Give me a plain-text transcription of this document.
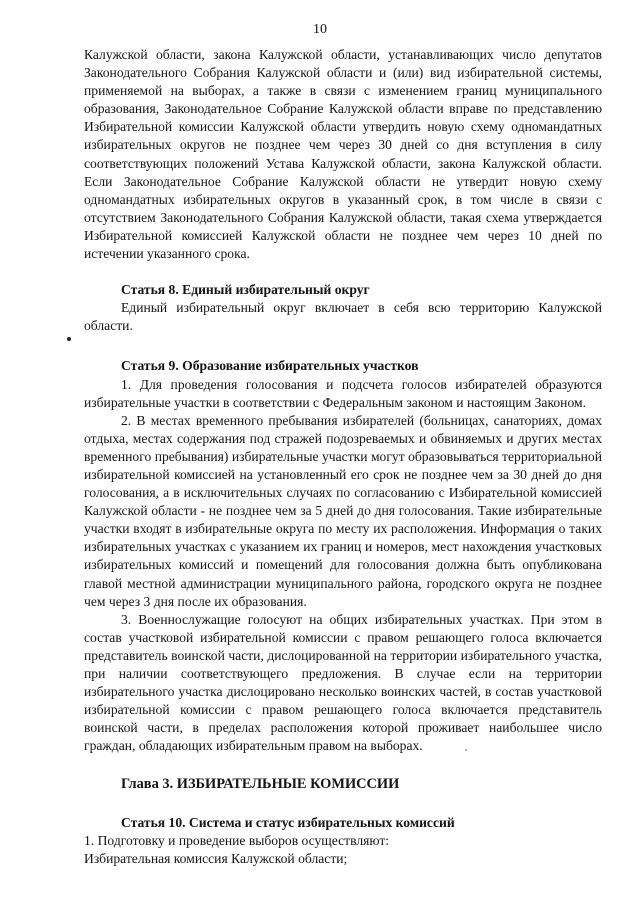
10

Калужской области, закона Калужской области, устанавливающих число депутатов Законодательного Собрания Калужской области и (или) вид избирательной системы, применяемой на выборах, а также в связи с изменением границ муниципального образования, Законодательное Собрание Калужской области вправе по представлению Избирательной комиссии Калужской области утвердить новую схему одномандатных избирательных округов не позднее чем через 30 дней со дня вступления в силу соответствующих положений Устава Калужской области, закона Калужской области. Если Законодательное Собрание Калужской области не утвердит новую схему одномандатных избирательных округов в указанный срок, в том числе в связи с отсутствием Законодательного Собрания Калужской области, такая схема утверждается Избирательной комиссией Калужской области не позднее чем через 10 дней по истечении указанного срока.

Статья 8. Единый избирательный округ

Единый избирательный округ включает в себя всю территорию Калужской области.

Статья 9. Образование избирательных участков

1. Для проведения голосования и подсчета голосов избирателей образуются избирательные участки в соответствии с Федеральным законом и настоящим Законом.

2. В местах временного пребывания избирателей (больницах, санаториях, домах отдыха, местах содержания под стражей подозреваемых и обвиняемых и других местах временного пребывания) избирательные участки могут образовываться территориальной избирательной комиссией на установленный его срок не позднее чем за 30 дней до дня голосования, а в исключительных случаях по согласованию с Избирательной комиссией Калужской области - не позднее чем за 5 дней до дня голосования. Такие избирательные участки входят в избирательные округа по месту их расположения. Информация о таких избирательных участках с указанием их границ и номеров, мест нахождения участковых избирательных комиссий и помещений для голосования должна быть опубликована главой местной администрации муниципального района, городского округа не позднее чем через 3 дня после их образования.

3. Военнослужащие голосуют на общих избирательных участках. При этом в состав участковой избирательной комиссии с правом решающего голоса включается представитель воинской части, дислоцированной на территории избирательного участка, при наличии соответствующего предложения. В случае если на территории избирательного участка дислоцировано несколько воинских частей, в состав участковой избирательной комиссии с правом решающего голоса включается представитель воинской части, в пределах расположения которой проживает наибольшее число граждан, обладающих избирательным правом на выборах.

Глава 3. ИЗБИРАТЕЛЬНЫЕ КОМИССИИ

Статья 10. Система и статус избирательных комиссий

1. Подготовку и проведение выборов осуществляют:

Избирательная комиссия Калужской области;
